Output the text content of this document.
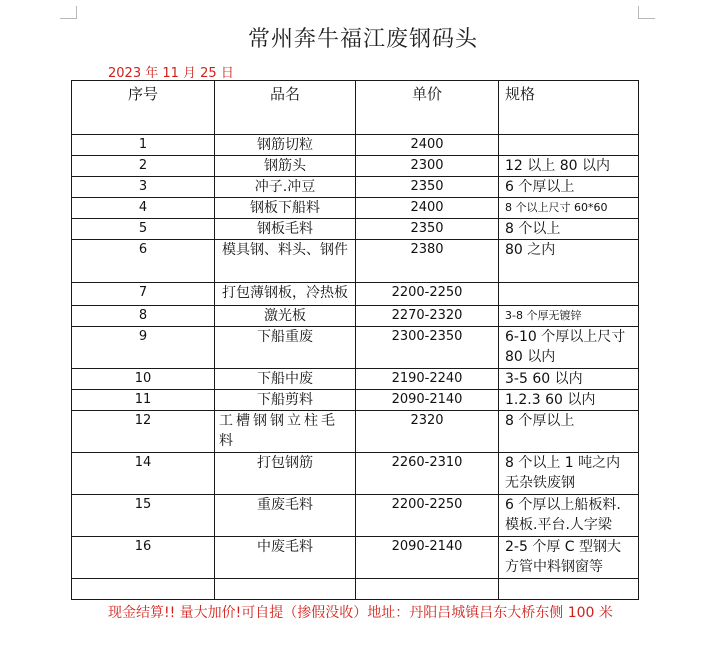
常州奔牛福江废钢码头
2023 年 11 月 25 日
序号	品名	单价	规格
1	钢筋切粒	2400	
2	钢筋头	2300	12 以上 80 以内
3	冲子.冲豆	2350	6 个厚以上
4	钢板下船料	2400	8 个以上尺寸 60*60
5	钢板毛料	2350	8 个以上
6	模具钢、料头、钢件	2380	80 之内
7	打包薄钢板，冷热板	2200-2250	
8	激光板	2270-2320	3-8 个厚无镀锌
9	下船重废	2300-2350	6-10 个厚以上尺寸 80 以内
10	下船中废	2190-2240	3-5 60 以内
11	下船剪料	2090-2140	1.2.3 60 以内
12	工槽钢钢立柱毛料	2320	8 个厚以上
14	打包钢筋	2260-2310	8 个以上 1 吨之内无杂铁废钢
15	重废毛料	2200-2250	6 个厚以上船板料.模板.平台.人字梁
16	中废毛料	2090-2140	2-5 个厚 C 型钢大方管中料钢窗等

现金结算!! 量大加价!可自提（掺假没收）地址：丹阳吕城镇吕东大桥东侧 100 米
